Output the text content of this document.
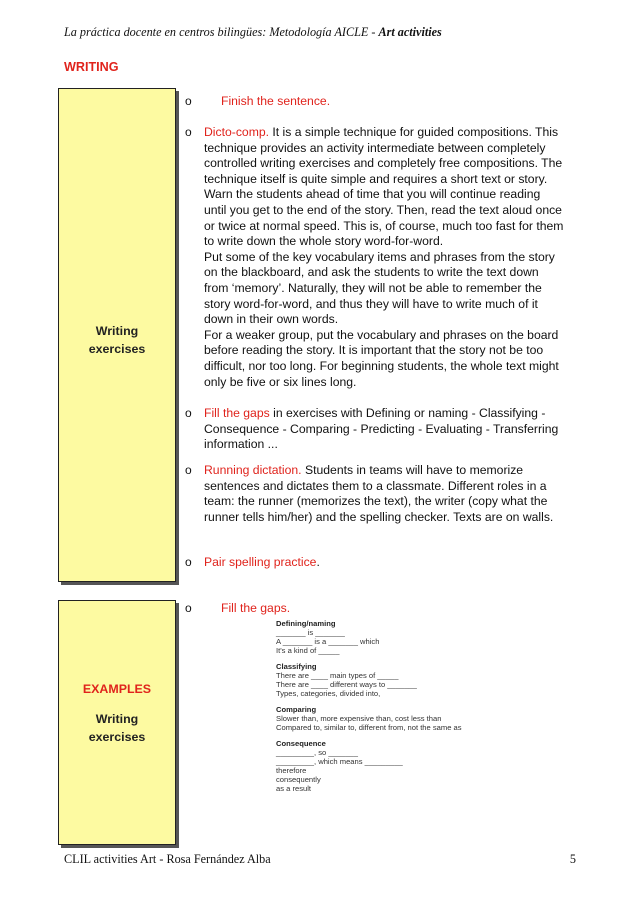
La práctica docente en centros bilingües: Metodología AICLE - Art activities
WRITING
Writing
exercises
o Finish the sentence.
o Dicto-comp. It is a simple technique for guided compositions. This technique provides an activity intermediate between completely controlled writing exercises and completely free compositions. The technique itself is quite simple and requires a short text or story.
Warn the students ahead of time that you will continue reading until you get to the end of the story. Then, read the text aloud once or twice at normal speed. This is, of course, much too fast for them to write down the whole story word-for-word.
Put some of the key vocabulary items and phrases from the story on the blackboard, and ask the students to write the text down from ‘memory’. Naturally, they will not be able to remember the story word-for-word, and thus they will have to write much of it down in their own words.
For a weaker group, put the vocabulary and phrases on the board before reading the story. It is important that the story not be too difficult, nor too long. For beginning students, the whole text might only be five or six lines long.
o Fill the gaps in exercises with Defining or naming - Classifying - Consequence - Comparing - Predicting - Evaluating - Transferring information ...
o Running dictation. Students in teams will have to memorize sentences and dictates them to a classmate. Different roles in a team: the runner (memorizes the text), the writer (copy what the runner tells him/her) and the spelling checker. Texts are on walls.
o Pair spelling practice.
EXAMPLES
Writing
exercises
o Fill the gaps.
Defining/naming
_______ is _______
A _______ is a _______ which
It's a kind of _____
Classifying
There are ____ main types of _____
There are ____ different ways to _______
Types, categories, divided into,
Comparing
Slower than, more expensive than, cost less than
Compared to, similar to, different from, not the same as
Consequence
_________, so _______
_________, which means _________
therefore
consequently
as a result
CLIL activities Art - Rosa Fernández Alba	5
